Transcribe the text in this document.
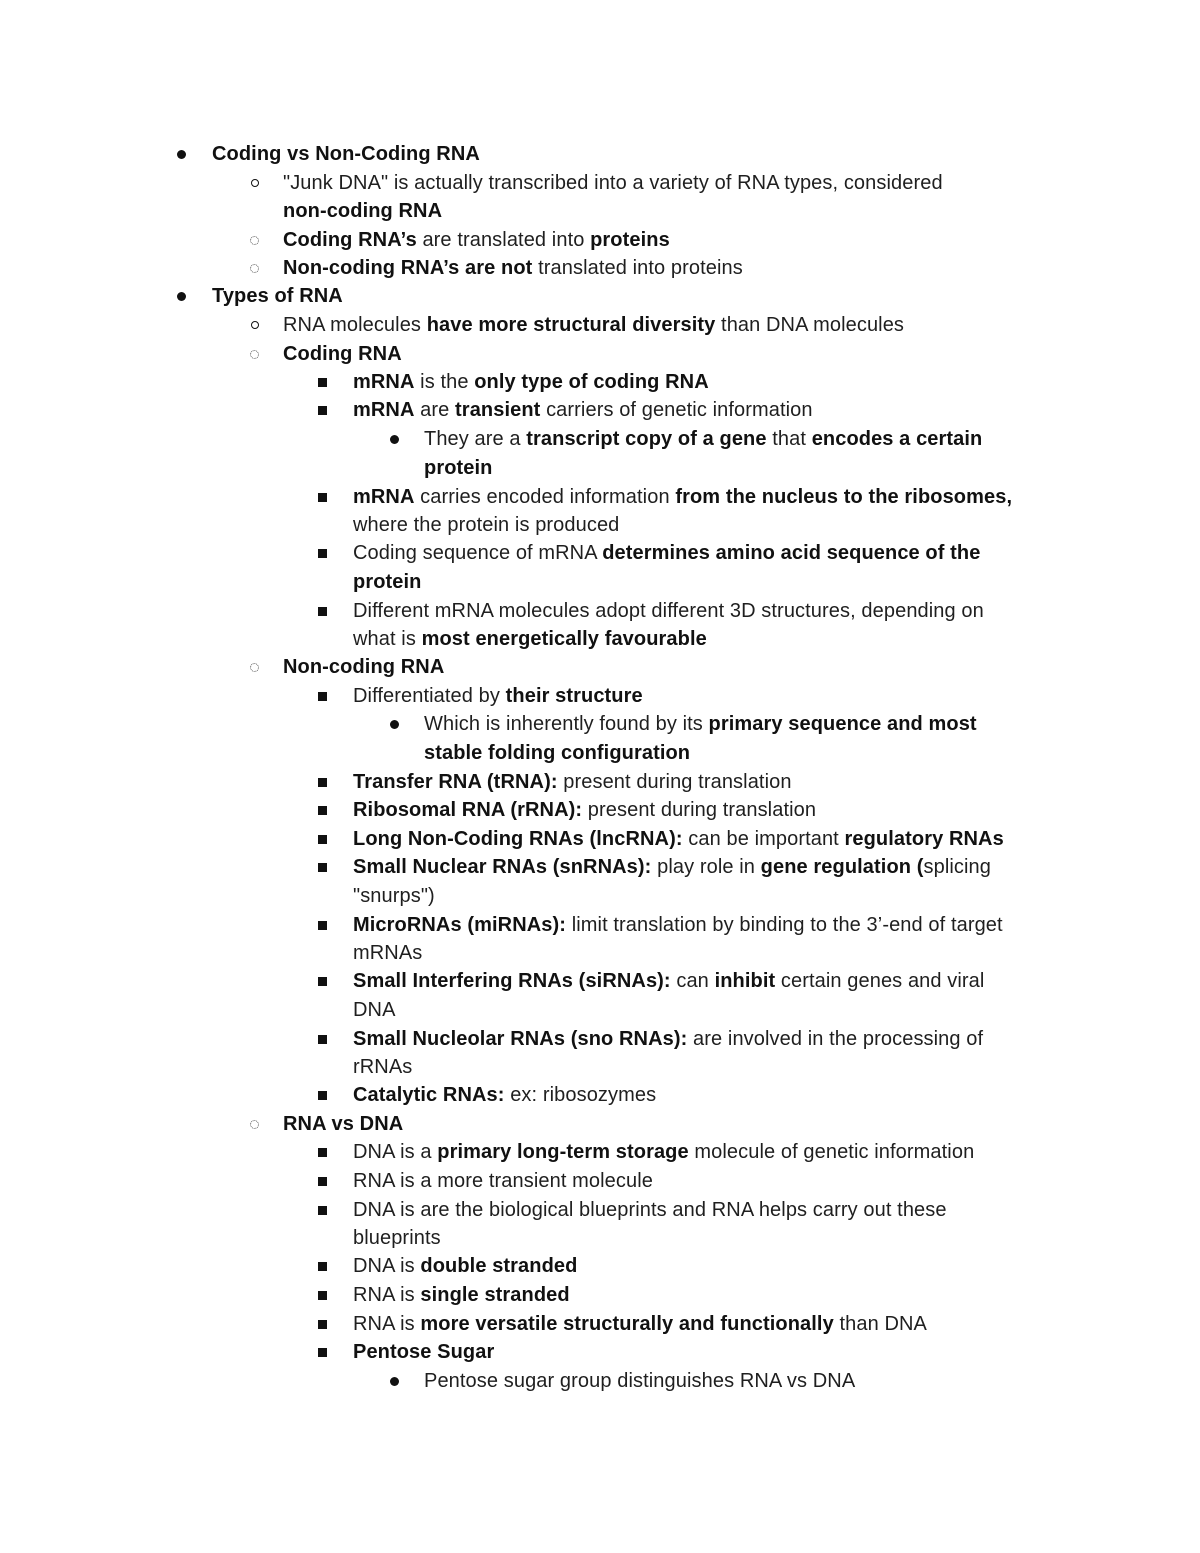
Coding vs Non-Coding RNA
"Junk DNA" is actually transcribed into a variety of RNA types, considered
non-coding RNA
Coding RNA’s are translated into proteins
Non-coding RNA’s are not translated into proteins
Types of RNA
RNA molecules have more structural diversity than DNA molecules
Coding RNA
mRNA is the only type of coding RNA
mRNA are transient carriers of genetic information
They are a transcript copy of a gene that encodes a certain
protein
mRNA carries encoded information from the nucleus to the ribosomes,
where the protein is produced
Coding sequence of mRNA determines amino acid sequence of the
protein
Different mRNA molecules adopt different 3D structures, depending on
what is most energetically favourable
Non-coding RNA
Differentiated by their structure
Which is inherently found by its primary sequence and most
stable folding configuration
Transfer RNA (tRNA): present during translation
Ribosomal RNA (rRNA): present during translation
Long Non-Coding RNAs (lncRNA): can be important regulatory RNAs
Small Nuclear RNAs (snRNAs): play role in gene regulation (splicing
"snurps")
MicroRNAs (miRNAs): limit translation by binding to the 3’-end of target
mRNAs
Small Interfering RNAs (siRNAs): can inhibit certain genes and viral
DNA
Small Nucleolar RNAs (sno RNAs): are involved in the processing of
rRNAs
Catalytic RNAs: ex: ribosozymes
RNA vs DNA
DNA is a primary long-term storage molecule of genetic information
RNA is a more transient molecule
DNA is are the biological blueprints and RNA helps carry out these
blueprints
DNA is double stranded
RNA is single stranded
RNA is more versatile structurally and functionally than DNA
Pentose Sugar
Pentose sugar group distinguishes RNA vs DNA
